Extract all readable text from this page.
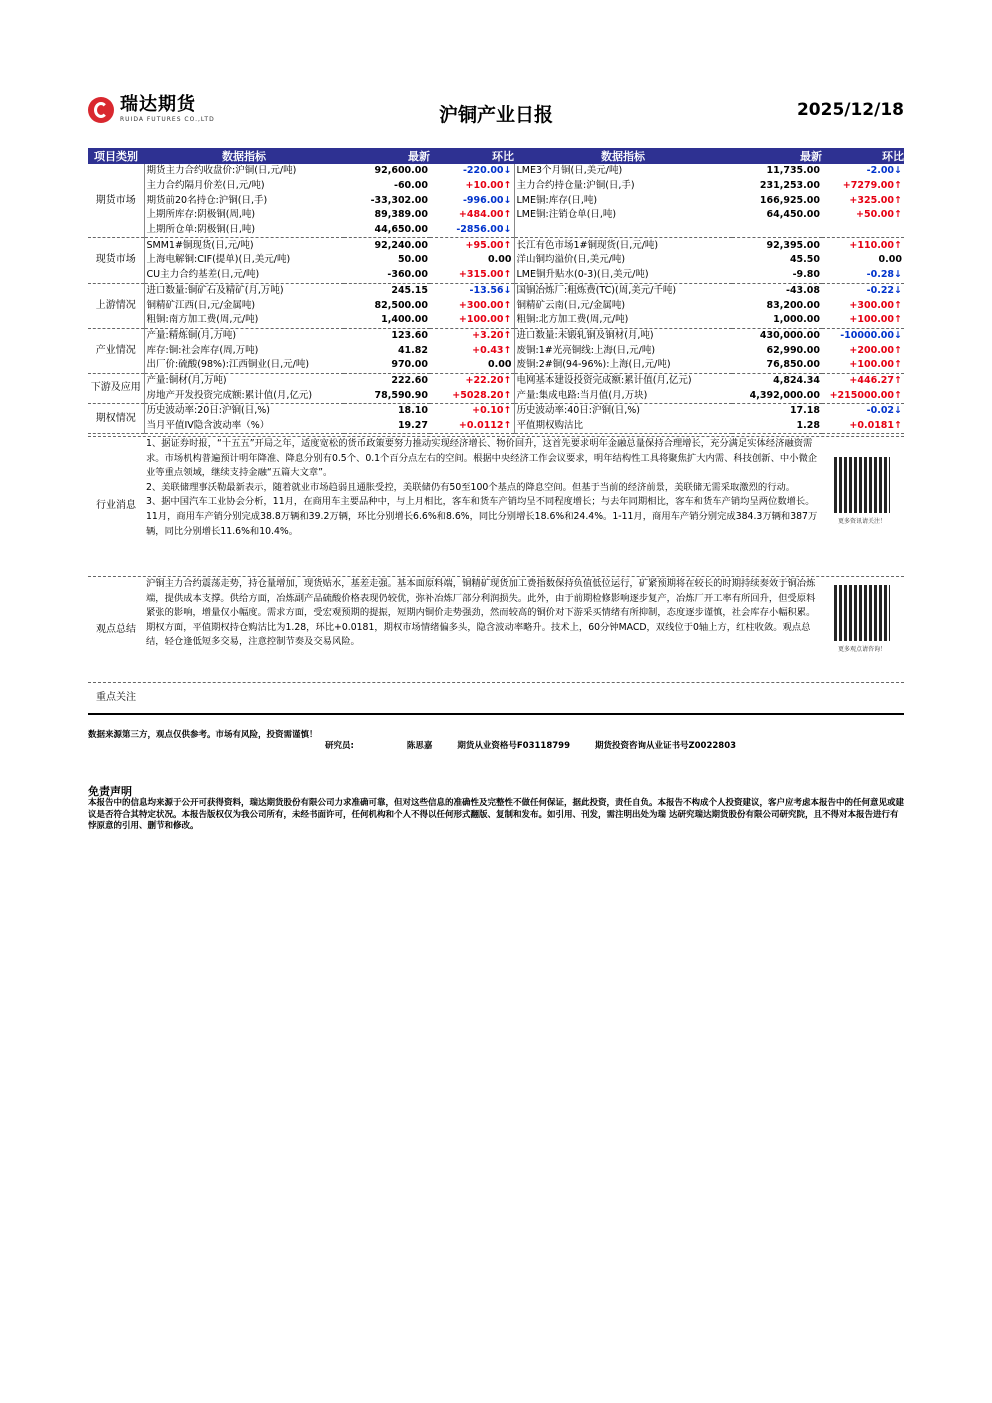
瑞达期货
RUIDA FUTURES CO.,LTD	沪铜产业日报	2025/12/18
项目类别	数据指标	最新	环比	数据指标	最新	环比
期货市场	期货主力合约收盘价:沪铜(日,元/吨)	92,600.00	-220.00↓	LME3个月铜(日,美元/吨)	11,735.00	-2.00↓
	主力合约隔月价差(日,元/吨)	-60.00	+10.00↑	主力合约持仓量:沪铜(日,手)	231,253.00	+7279.00↑
	期货前20名持仓:沪铜(日,手)	-33,302.00	-996.00↓	LME铜:库存(日,吨)	166,925.00	+325.00↑
	上期所库存:阴极铜(周,吨)	89,389.00	+484.00↑	LME铜:注销仓单(日,吨)	64,450.00	+50.00↑
	上期所仓单:阴极铜(日,吨)	44,650.00	-2856.00↓			
现货市场	SMM1#铜现货(日,元/吨)	92,240.00	+95.00↑	长江有色市场1#铜现货(日,元/吨)	92,395.00	+110.00↑
	上海电解铜:CIF(提单)(日,美元/吨)	50.00	0.00	洋山铜均溢价(日,美元/吨)	45.50	0.00
	CU主力合约基差(日,元/吨)	-360.00	+315.00↑	LME铜升贴水(0-3)(日,美元/吨)	-9.80	-0.28↓
上游情况	进口数量:铜矿石及精矿(月,万吨)	245.15	-13.56↓	国铜冶炼厂:粗炼费(TC)(周,美元/千吨)	-43.08	-0.22↓
	铜精矿江西(日,元/金属吨)	82,500.00	+300.00↑	铜精矿云南(日,元/金属吨)	83,200.00	+300.00↑
	粗铜:南方加工费(周,元/吨)	1,400.00	+100.00↑	粗铜:北方加工费(周,元/吨)	1,000.00	+100.00↑
产业情况	产量:精炼铜(月,万吨)	123.60	+3.20↑	进口数量:未锻轧铜及铜材(月,吨)	430,000.00	-10000.00↓
	库存:铜:社会库存(周,万吨)	41.82	+0.43↑	废铜:1#光亮铜线:上海(日,元/吨)	62,990.00	+200.00↑
	出厂价:硫酸(98%):江西铜业(日,元/吨)	970.00	0.00	废铜:2#铜(94-96%):上海(日,元/吨)	76,850.00	+100.00↑
下游及应用	产量:铜材(月,万吨)	222.60	+22.20↑	电网基本建设投资完成额:累计值(月,亿元)	4,824.34	+446.27↑
	房地产开发投资完成额:累计值(月,亿元)	78,590.90	+5028.20↑	产量:集成电路:当月值(月,万块)	4,392,000.00	+215000.00↑
期权情况	历史波动率:20日:沪铜(日,%)	18.10	+0.10↑	历史波动率:40日:沪铜(日,%)	17.18	-0.02↓
	当月平值IV隐含波动率（%）	19.27	+0.0112↑	平值期权购沽比	1.28	+0.0181↑
行业消息
1、据证券时报，“十五五”开局之年，适度宽松的货币政策要努力推动实现经济增长、物价回升，这首先要求明年金融总量保持合理增长，充分满足实体经济融资需求。市场机构普遍预计明年降准、降息分别有0.5个、0.1个百分点左右的空间。根据中央经济工作会议要求，明年结构性工具将聚焦扩大内需、科技创新、中小微企业等重点领域，继续支持金融“五篇大文章”。
2、美联储理事沃勒最新表示，随着就业市场趋弱且通胀受控，美联储仍有50至100个基点的降息空间。但基于当前的经济前景，美联储无需采取激烈的行动。
3、据中国汽车工业协会分析，11月，在商用车主要品种中，与上月相比，客车和货车产销均呈不同程度增长；与去年同期相比，客车和货车产销均呈两位数增长。11月，商用车产销分别完成38.8万辆和39.2万辆，环比分别增长6.6%和8.6%，同比分别增长18.6%和24.4%。1-11月，商用车产销分别完成384.3万辆和387万辆，同比分别增长11.6%和10.4%。
更多资讯请关注！
观点总结
沪铜主力合约震荡走势，持仓量增加，现货贴水，基差走强。基本面原料端，铜精矿现货加工费指数保持负值低位运行，矿紧预期将在较长的时期持续奏效于铜冶炼端，提供成本支撑。供给方面，冶炼副产品硫酸价格表现仍较优，弥补冶炼厂部分利润损失。此外，由于前期检修影响逐步复产，冶炼厂开工率有所回升，但受原料紧张的影响，增量仅小幅度。需求方面，受宏观预期的提振，短期内铜价走势强劲，然而较高的铜价对下游采买情绪有所抑制，态度逐步谨慎，社会库存小幅积累。期权方面，平值期权持仓购沽比为1.28，环比+0.0181，期权市场情绪偏多头，隐含波动率略升。技术上，60分钟MACD，双线位于0轴上方，红柱收敛。观点总结，轻仓逢低短多交易，注意控制节奏及交易风险。
更多观点请咨询！
重点关注
数据来源第三方，观点仅供参考。市场有风险，投资需谨慎！
研究员:	陈思嘉	期货从业资格号F03118799	期货投资咨询从业证书号Z0022803
免责声明
本报告中的信息均来源于公开可获得资料，瑞达期货股份有限公司力求准确可靠，但对这些信息的准确性及完整性不做任何保证，据此投资，责任自负。本报告不构成个人投资建议，客户应考虑本报告中的任何意见或建议是否符合其特定状况。本报告版权仅为我公司所有，未经书面许可，任何机构和个人不得以任何形式翻版、复制和发布。如引用、刊发，需注明出处为瑞 达研究瑞达期货股份有限公司研究院，且不得对本报告进行有悖原意的引用、删节和修改。
